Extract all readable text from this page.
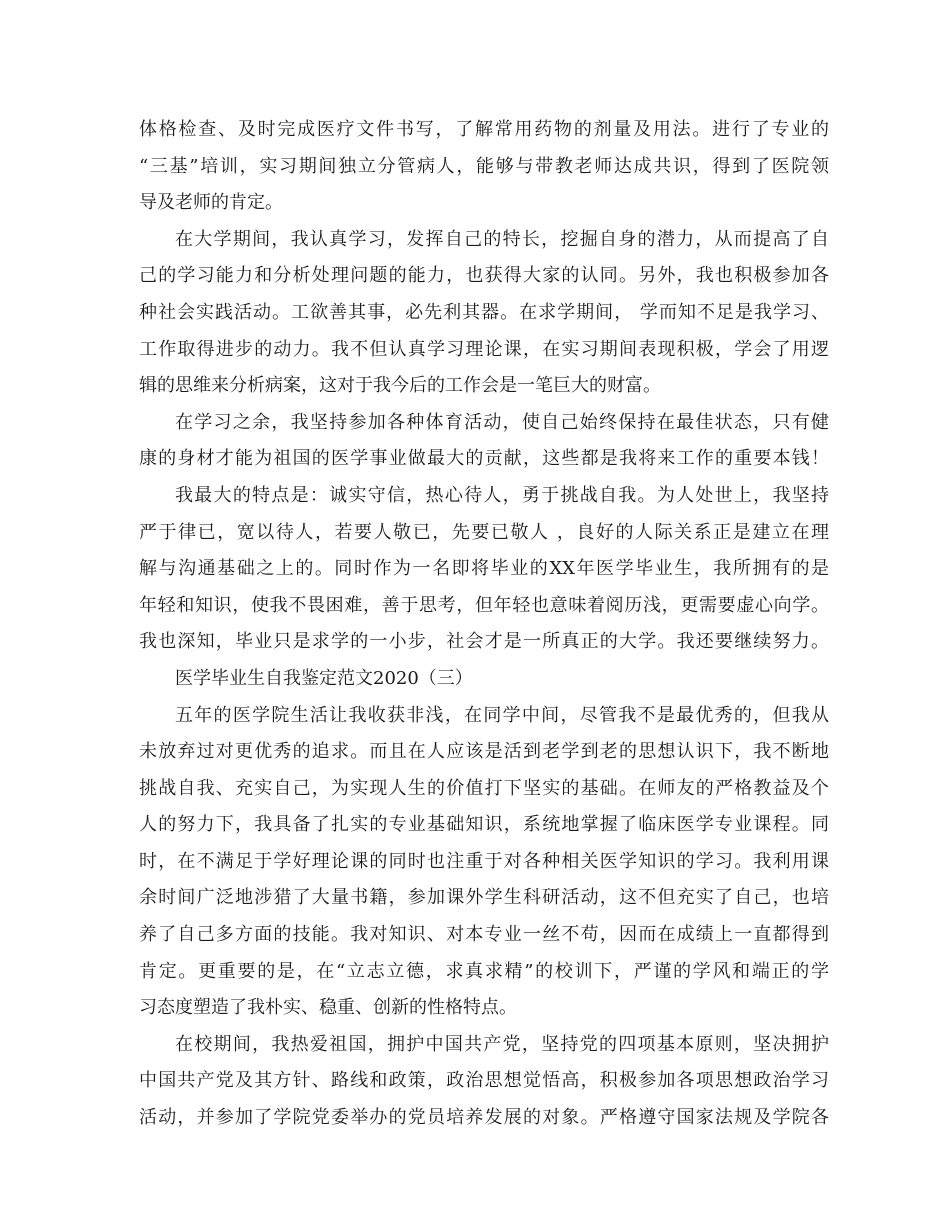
体格检查、及时完成医疗文件书写，了解常用药物的剂量及用法。进行了专业的
“三基”培训，实习期间独立分管病人，能够与带教老师达成共识，得到了医院领
导及老师的肯定。
在大学期间，我认真学习，发挥自己的特长，挖掘自身的潜力，从而提高了自
己的学习能力和分析处理问题的能力，也获得大家的认同。另外，我也积极参加各
种社会实践活动。工欲善其事，必先利其器。在求学期间， 学而知不足是我学习、
工作取得进步的动力。我不但认真学习理论课，在实习期间表现积极，学会了用逻
辑的思维来分析病案，这对于我今后的工作会是一笔巨大的财富。
在学习之余，我坚持参加各种体育活动，使自己始终保持在最佳状态，只有健
康的身材才能为祖国的医学事业做最大的贡献，这些都是我将来工作的重要本钱！
我最大的特点是：诚实守信，热心待人，勇于挑战自我。为人处世上，我坚持
严于律已，宽以待人，若要人敬已，先要已敬人 ，良好的人际关系正是建立在理
解与沟通基础之上的。同时作为一名即将毕业的XX年医学毕业生，我所拥有的是
年轻和知识，使我不畏困难，善于思考，但年轻也意味着阅历浅，更需要虚心向学。
我也深知，毕业只是求学的一小步，社会才是一所真正的大学。我还要继续努力。
医学毕业生自我鉴定范文2020（三）
五年的医学院生活让我收获非浅，在同学中间，尽管我不是最优秀的，但我从
未放弃过对更优秀的追求。而且在人应该是活到老学到老的思想认识下，我不断地
挑战自我、充实自己，为实现人生的价值打下坚实的基础。在师友的严格教益及个
人的努力下，我具备了扎实的专业基础知识，系统地掌握了临床医学专业课程。同
时，在不满足于学好理论课的同时也注重于对各种相关医学知识的学习。我利用课
余时间广泛地涉猎了大量书籍，参加课外学生科研活动，这不但充实了自己，也培
养了自己多方面的技能。我对知识、对本专业一丝不苟，因而在成绩上一直都得到
肯定。更重要的是，在“立志立德，求真求精”的校训下，严谨的学风和端正的学
习态度塑造了我朴实、稳重、创新的性格特点。
在校期间，我热爱祖国，拥护中国共产党，坚持党的四项基本原则，坚决拥护
中国共产党及其方针、路线和政策，政治思想觉悟高，积极参加各项思想政治学习
活动，并参加了学院党委举办的党员培养发展的对象。严格遵守国家法规及学院各
